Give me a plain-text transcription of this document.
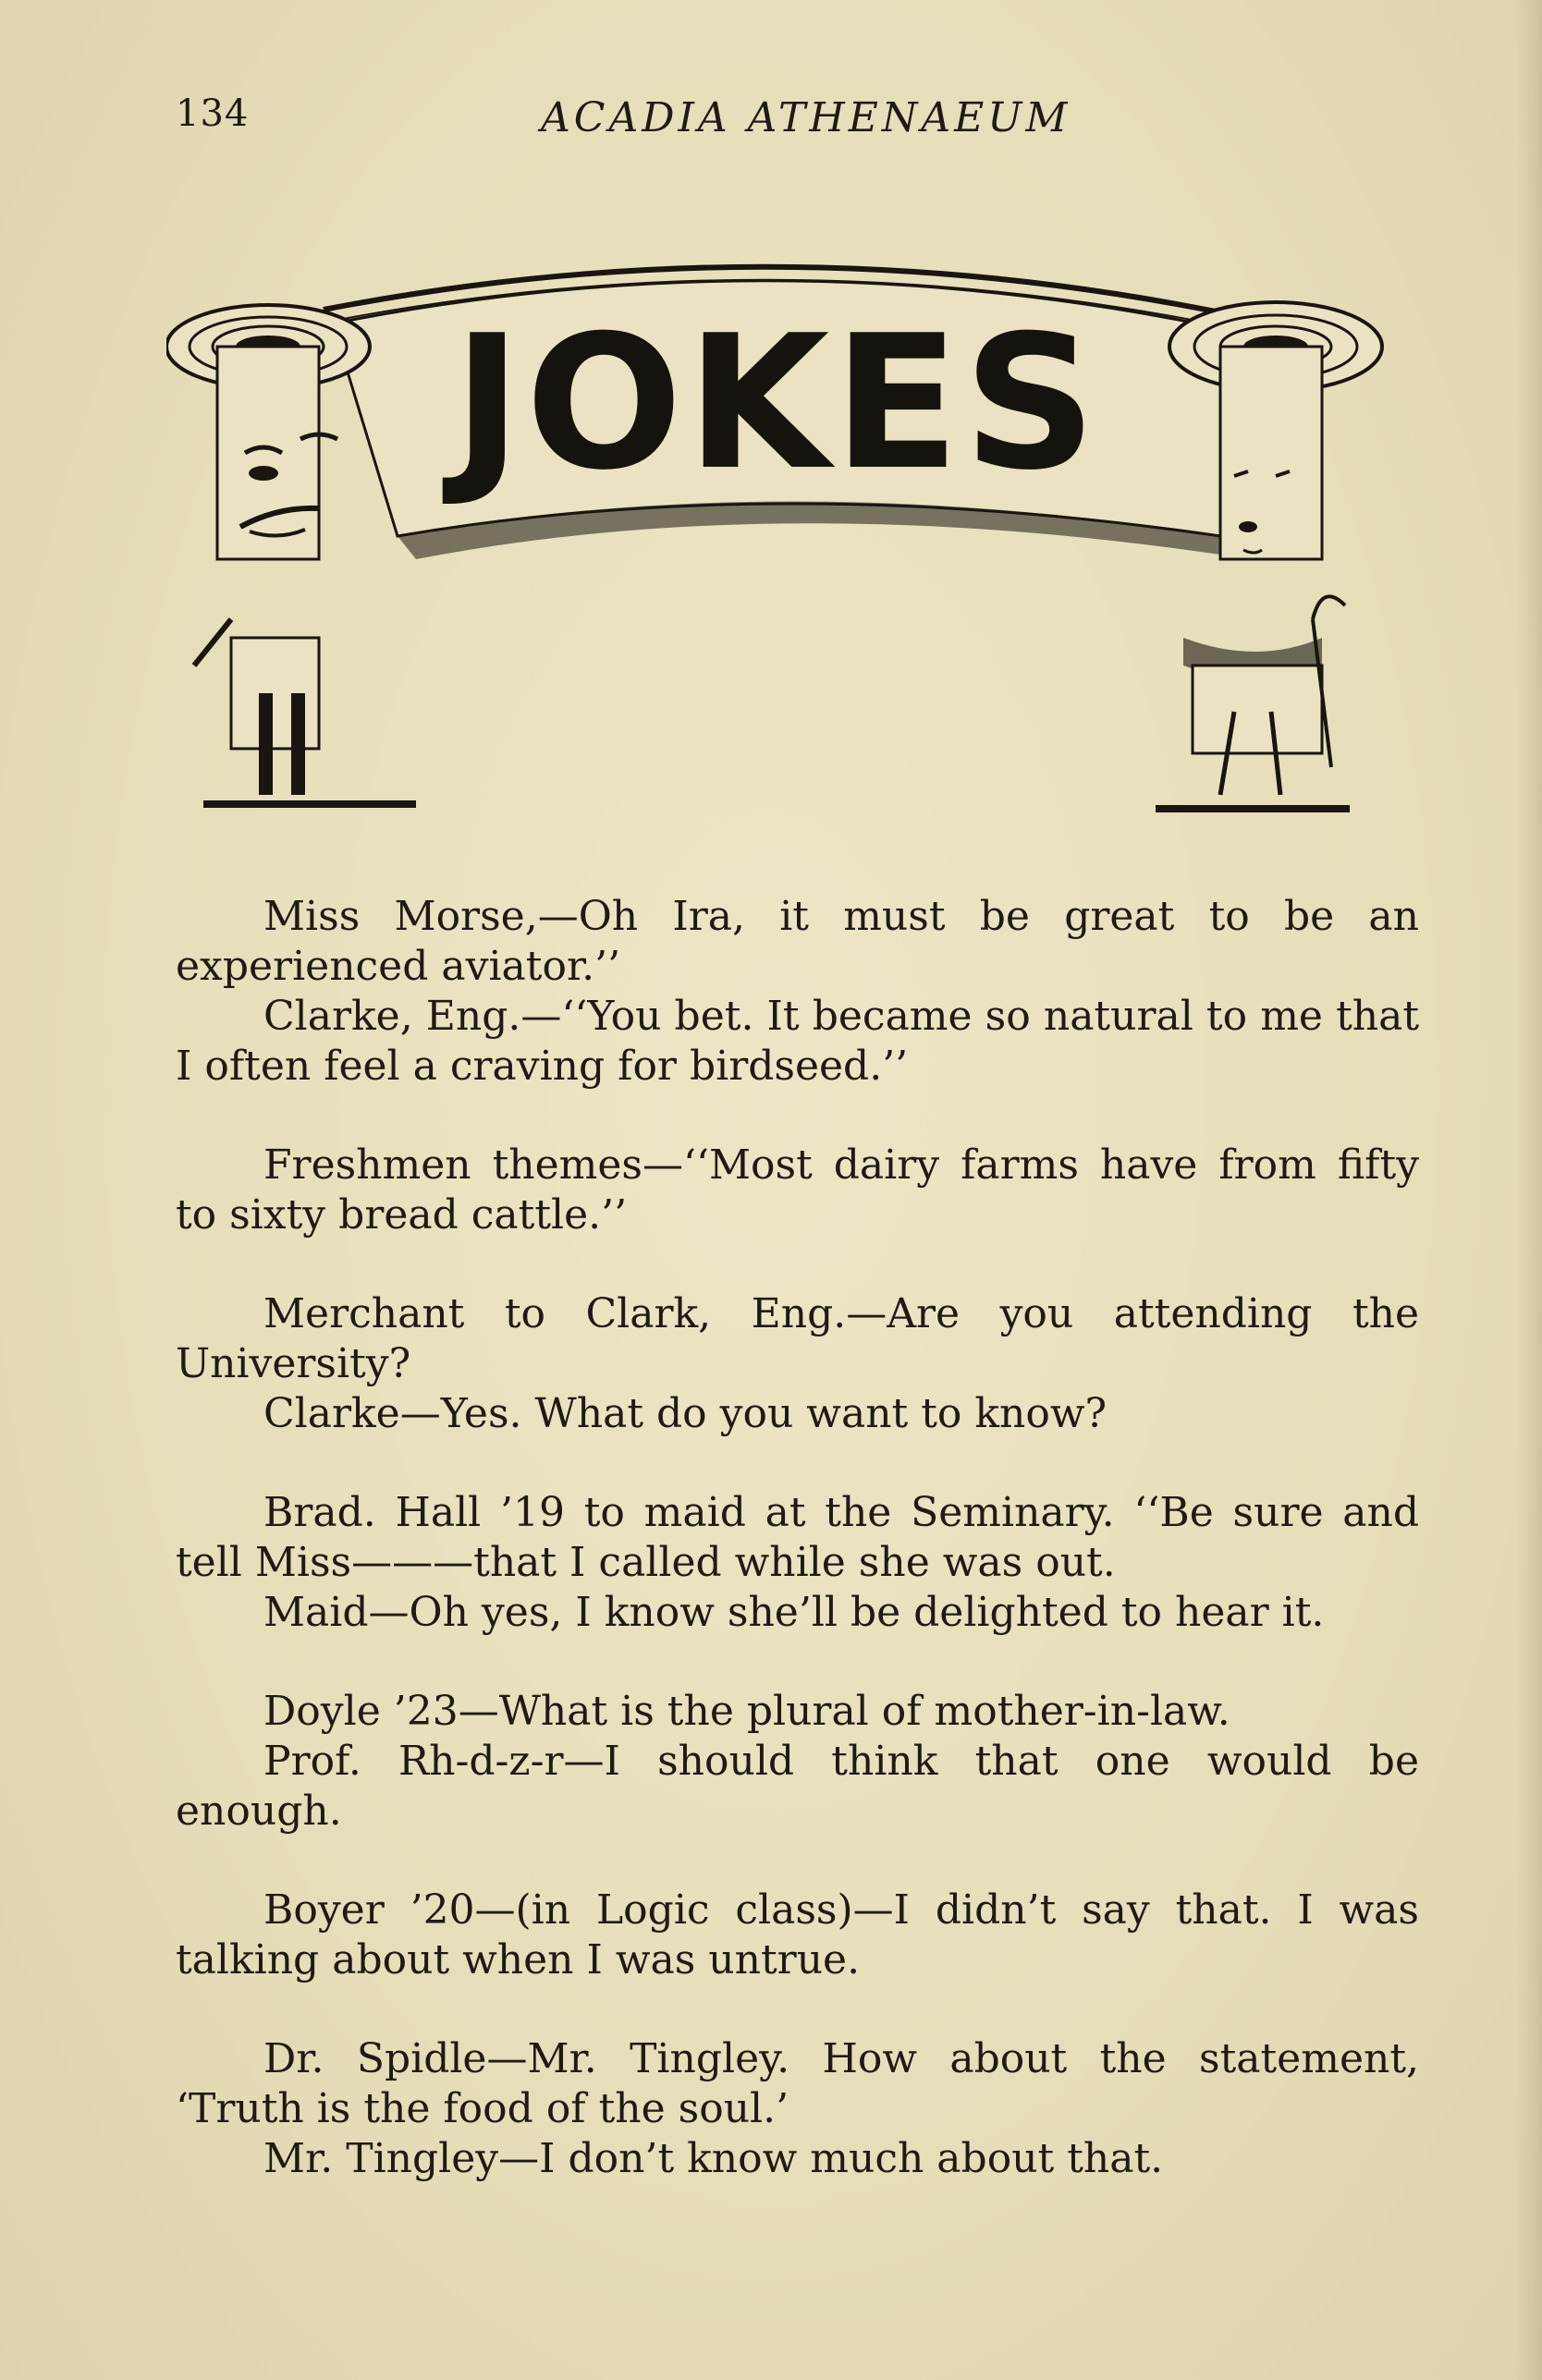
134	ACADIA ATHENAEUM
JOKES

Miss Morse,—Oh Ira, it must be great to be an experienced aviator.’’

Clarke, Eng.—‘‘You bet. It became so natural to me that I often feel a craving for birdseed.’’

Freshmen themes—‘‘Most dairy farms have from fifty to sixty bread cattle.’’

Merchant to Clark, Eng.—Are you attending the University?

Clarke—Yes. What do you want to know?

Brad. Hall ’19 to maid at the Seminary. ‘‘Be sure and tell Miss———that I called while she was out.

Maid—Oh yes, I know she’ll be delighted to hear it.

Doyle ’23—What is the plural of mother-in-law.

Prof. Rh-d-z-r—I should think that one would be enough.

Boyer ’20—(in Logic class)—I didn’t say that. I was talking about when I was untrue.

Dr. Spidle—Mr. Tingley. How about the statement, ‘Truth is the food of the soul.’

Mr. Tingley—I don’t know much about that.
